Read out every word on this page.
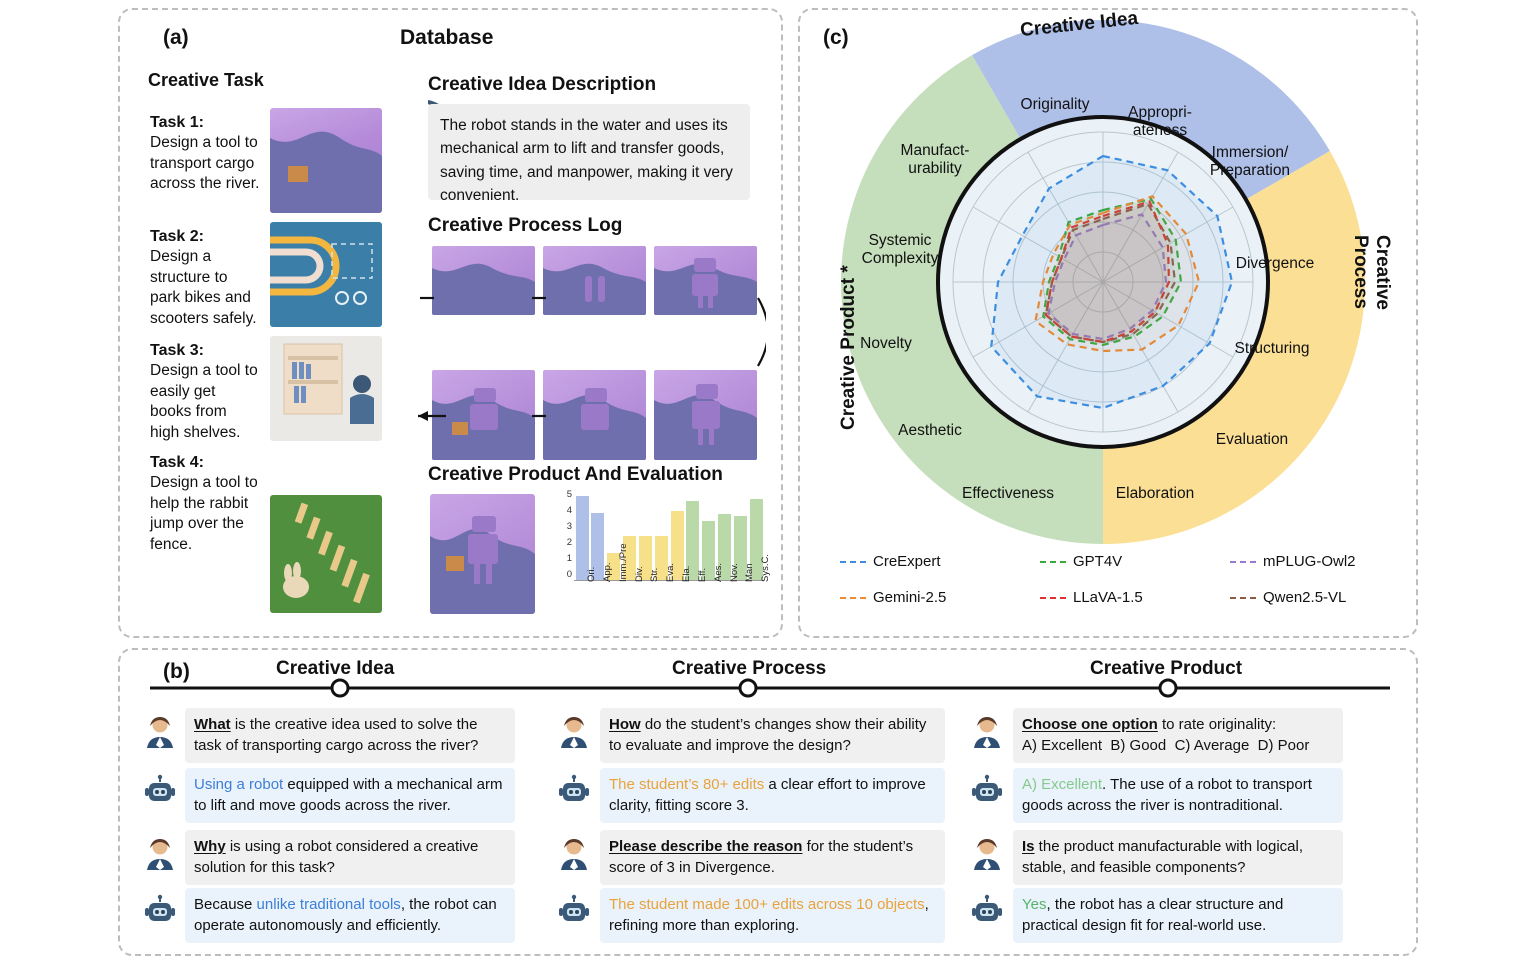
(a)	Database
Creative Task
Task 1:
Design a tool to transport cargo across the river.
Task 2:
Design a structure to park bikes and scooters safely.
Task 3:
Design a tool to easily get books from high shelves.
Task 4:
Design a tool to help the rabbit jump over the fence.
Creative Idea Description
The robot stands in the water and uses its mechanical arm to lift and transfer goods, saving time, and manpower, making it very convenient.
Creative Process Log
Creative Product And Evaluation
5
4
3
2
1
0 Ori. App. Imm./Pre Div. Str. Eva. Ela. Eff. Aes. Nov. Man Sys.C.
(c)	Creative Idea
Creative Process
Creative Product *
Originality	Appropri-
ateness
Immersion/
Preparation
Divergence
Structuring
Evaluation
Elaboration
Effectiveness
Aesthetic
Novelty
Systemic
Complexity
Manufact-
urability
CreExpert
Gemini-2.5
GPT4V
LLaVA-1.5
mPLUG-Owl2
Qwen2.5-VL
(b)	Creative Idea	Creative Process	Creative Product
What is the creative idea used to solve the task of transporting cargo across the river?
Using a robot equipped with a mechanical arm to lift and move goods across the river.
Why is using a robot considered a creative solution for this task?
Because unlike traditional tools, the robot can operate autonomously and efficiently.
How do the student’s changes show their ability to evaluate and improve the design?
The student’s 80+ edits a clear effort to improve clarity, fitting score 3.
Please describe the reason for the student’s score of 3 in Divergence.
The student made 100+ edits across 10 objects, refining more than exploring.
Choose one option to rate originality:
A) Excellent  B) Good  C) Average  D) Poor
A) Excellent. The use of a robot to transport goods across the river is nontraditional.
Is the product manufacturable with logical, stable, and feasible components?
Yes, the robot has a clear structure and practical design fit for real-world use.
